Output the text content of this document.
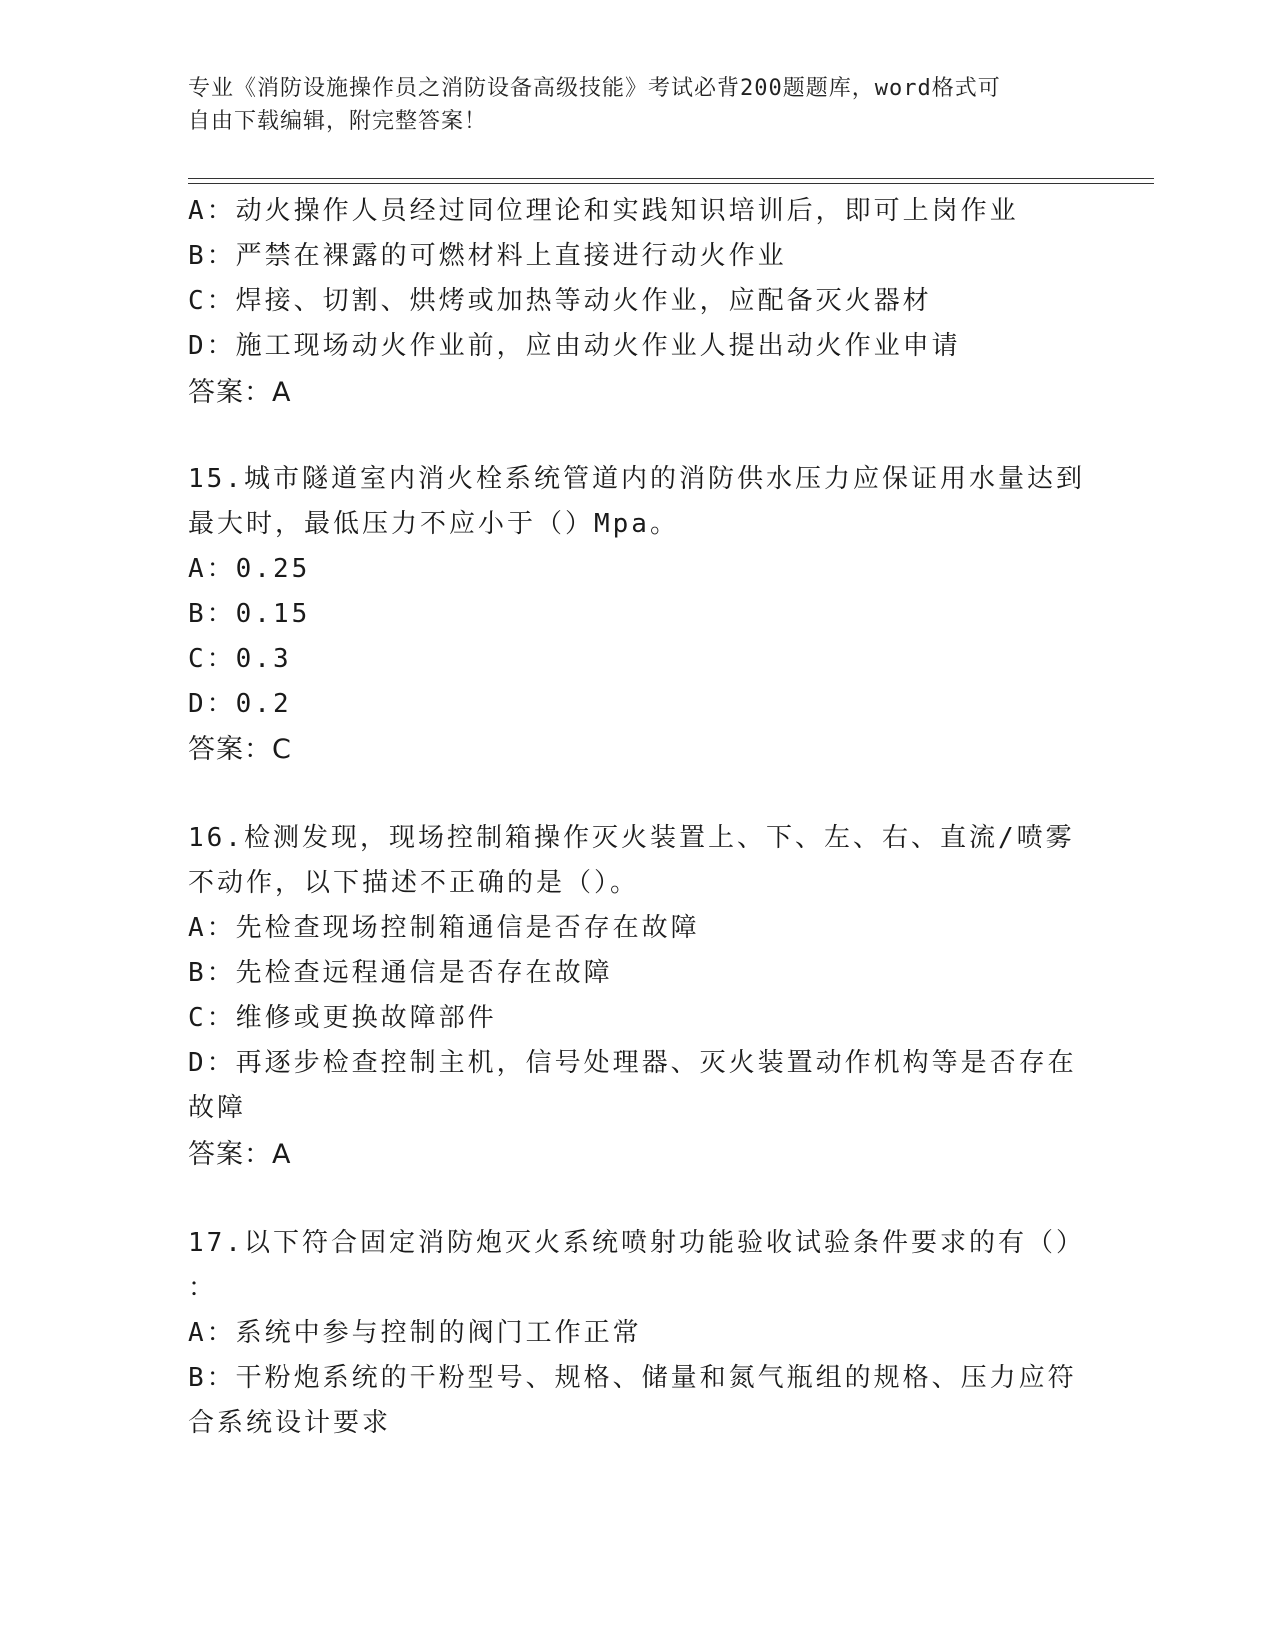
专业《消防设施操作员之消防设备高级技能》考试必背200题题库，word格式可
自由下载编辑，附完整答案！
A：动火操作人员经过同位理论和实践知识培训后，即可上岗作业
B：严禁在裸露的可燃材料上直接进行动火作业
C：焊接、切割、烘烤或加热等动火作业，应配备灭火器材
D：施工现场动火作业前，应由动火作业人提出动火作业申请
答案：A
15.城市隧道室内消火栓系统管道内的消防供水压力应保证用水量达到
最大时，最低压力不应小于（）Mpa。
A：0.25
B：0.15
C：0.3
D：0.2
答案：C
16.检测发现，现场控制箱操作灭火装置上、下、左、右、直流/喷雾
不动作，以下描述不正确的是（）。
A：先检查现场控制箱通信是否存在故障
B：先检查远程通信是否存在故障
C：维修或更换故障部件
D：再逐步检查控制主机，信号处理器、灭火装置动作机构等是否存在
故障
答案：A
17.以下符合固定消防炮灭火系统喷射功能验收试验条件要求的有（）
：
A：系统中参与控制的阀门工作正常
B：干粉炮系统的干粉型号、规格、储量和氮气瓶组的规格、压力应符
合系统设计要求
